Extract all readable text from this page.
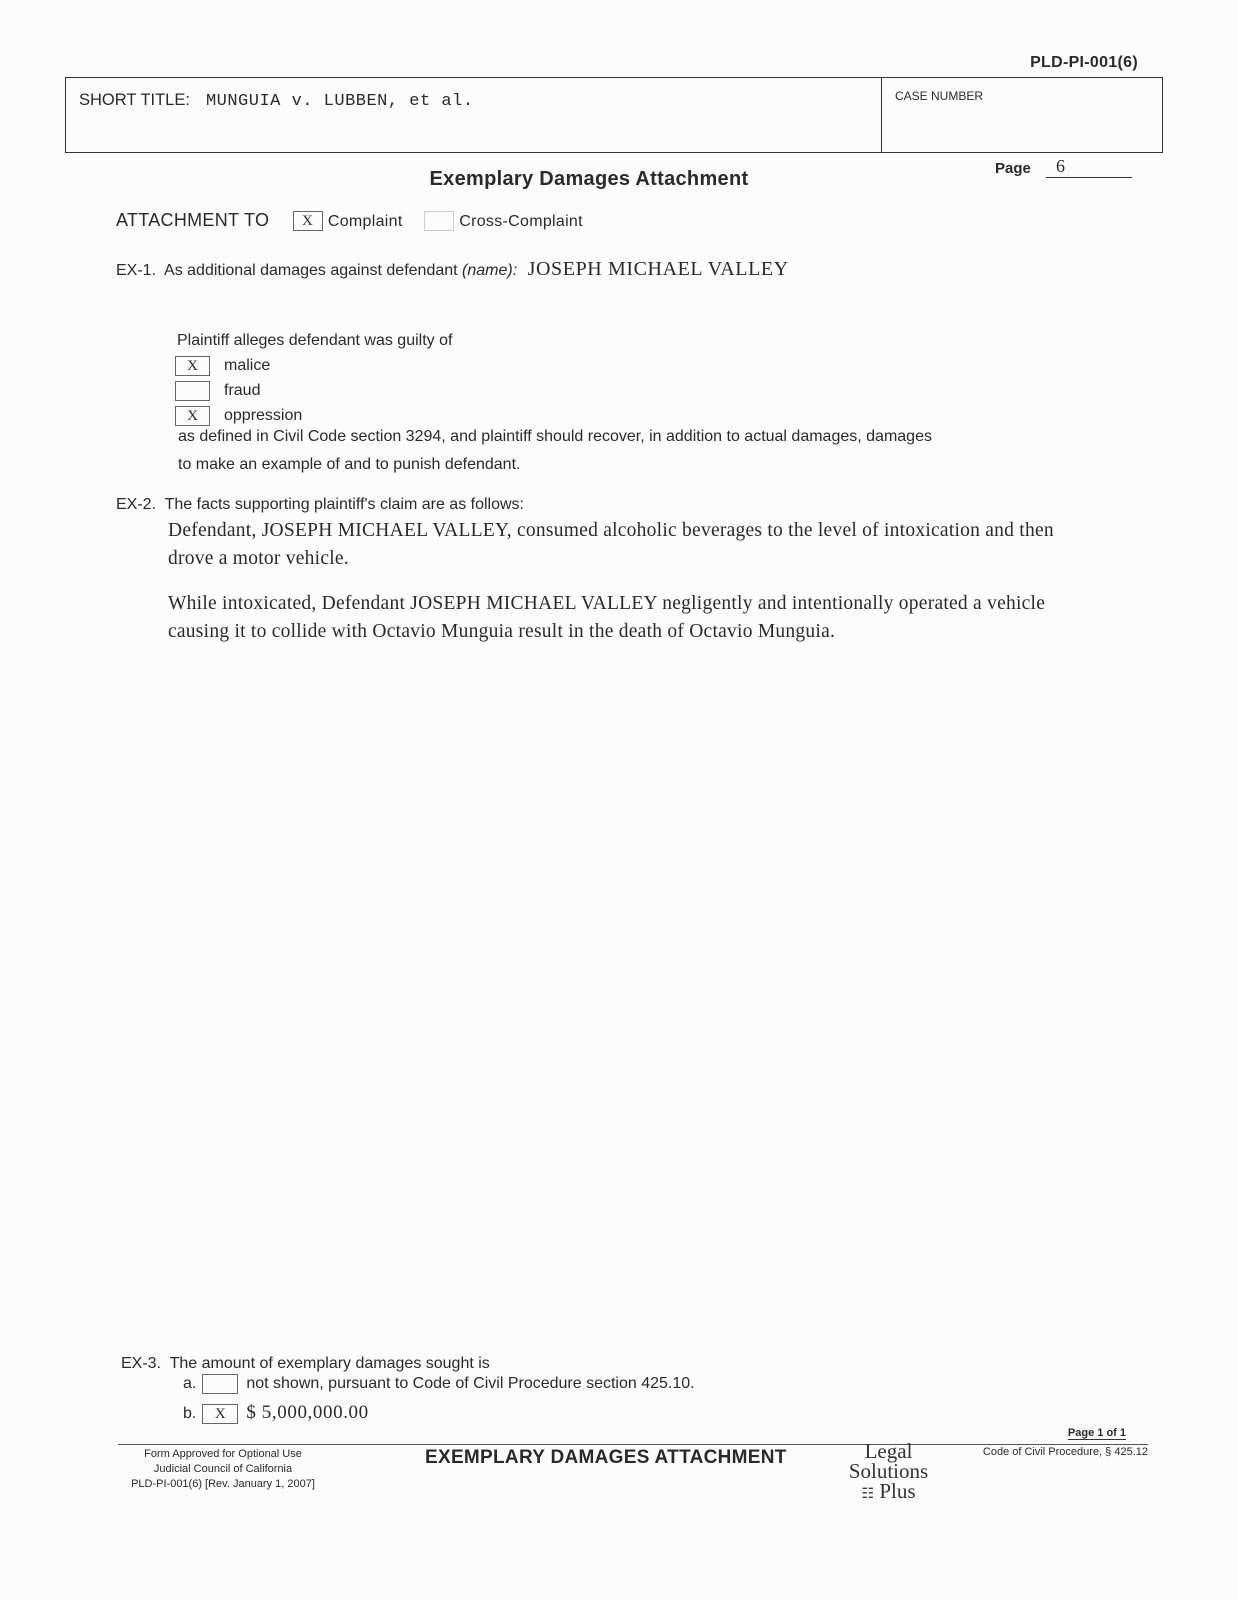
PLD-PI-001(6)
SHORT TITLE: MUNGUIA v. LUBBEN, et al.	CASE NUMBER
Page	6
Exemplary Damages Attachment
ATTACHMENT TO X Complaint	Cross-Complaint
EX-1. As additional damages against defendant (name): JOSEPH MICHAEL VALLEY
Plaintiff alleges defendant was guilty of
X malice
fraud
X oppression
as defined in Civil Code section 3294, and plaintiff should recover, in addition to actual damages, damages
to make an example of and to punish defendant.
EX-2. The facts supporting plaintiff's claim are as follows:
Defendant, JOSEPH MICHAEL VALLEY, consumed alcoholic beverages to the level of intoxication and then
drove a motor vehicle.
While intoxicated, Defendant JOSEPH MICHAEL VALLEY negligently and intentionally operated a vehicle
causing it to collide with Octavio Munguia result in the death of Octavio Munguia.
EX-3. The amount of exemplary damages sought is
a.	not shown, pursuant to Code of Civil Procedure section 425.10.
b. X $ 5,000,000.00
Page 1 of 1
Form Approved for Optional Use
Judicial Council of California
PLD-PI-001(6) [Rev. January 1, 2007]
EXEMPLARY DAMAGES ATTACHMENT	Legal
Solutions
☷ Plus
Code of Civil Procedure, § 425.12
